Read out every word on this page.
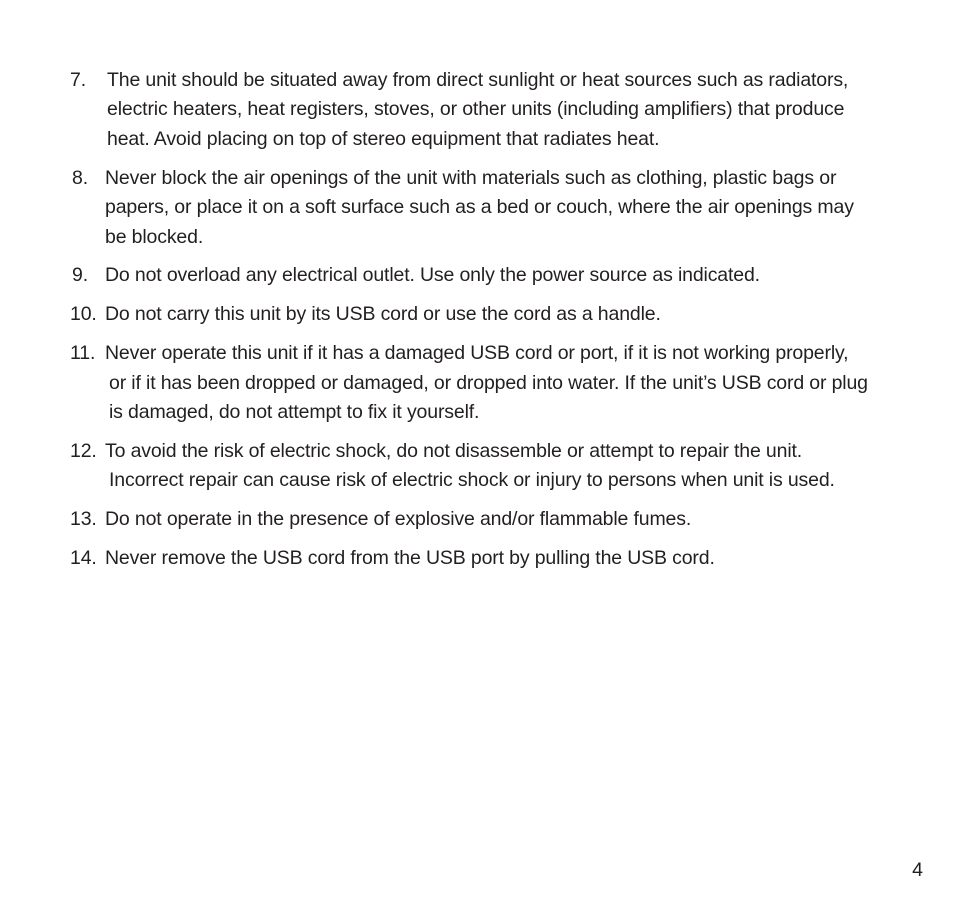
7.	The unit should be situated away from direct sunlight or heat sources such as radiators, electric heaters, heat registers, stoves, or other units (including amplifiers) that produce heat. Avoid placing on top of stereo equipment that radiates heat.
8. Never block the air openings of the unit with materials such as clothing, plastic bags or papers, or place it on a soft surface such as a bed or couch, where the air openings may be blocked.
9. Do not overload any electrical outlet. Use only the power source as indicated.
10. Do not carry this unit by its USB cord or use the cord as a handle.
11. Never operate this unit if it has a damaged USB cord or port, if it is not working properly, or if it has been dropped or damaged, or dropped into water. If the unit’s USB cord or plug is damaged, do not attempt to fix it yourself.
12. To avoid the risk of electric shock, do not disassemble or attempt to repair the unit. Incorrect repair can cause risk of electric shock or injury to persons when unit is used.
13. Do not operate in the presence of explosive and/or flammable fumes.
14. Never remove the USB cord from the USB port by pulling the USB cord.
4
